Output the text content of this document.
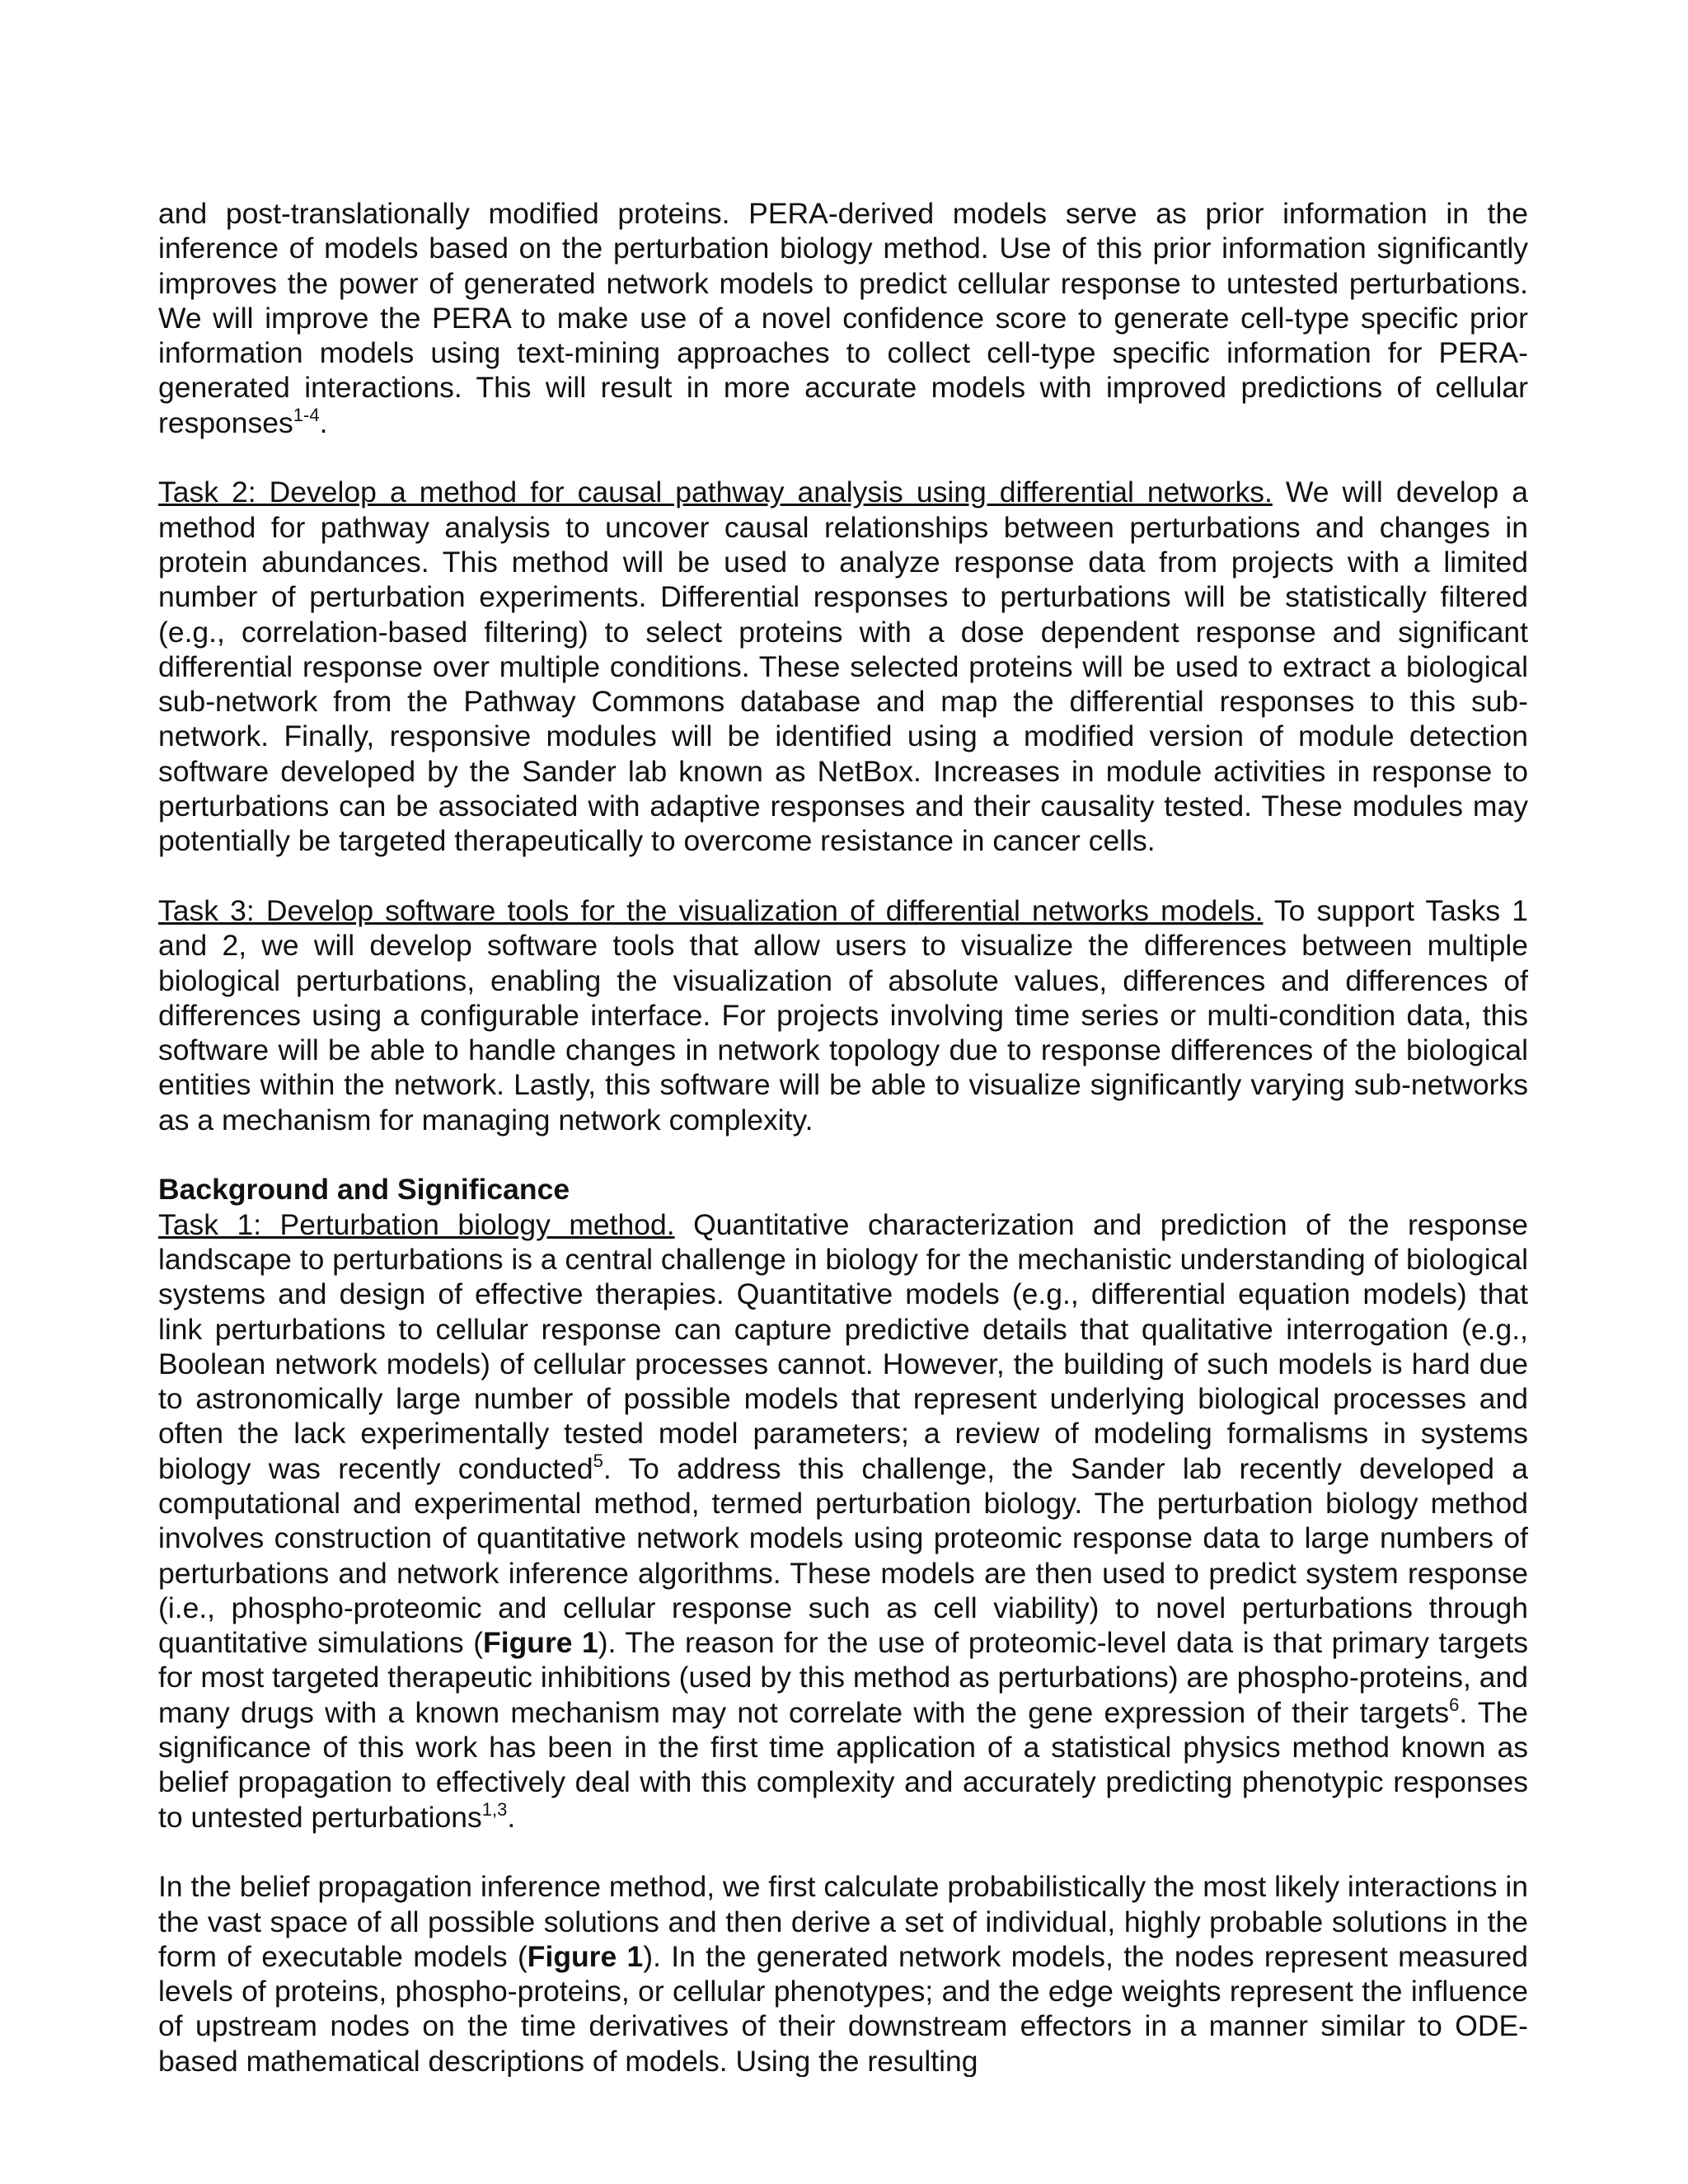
and post-translationally modified proteins. PERA-derived models serve as prior information in the inference of models based on the perturbation biology method. Use of this prior information significantly improves the power of generated network models to predict cellular response to untested perturbations. We will improve the PERA to make use of a novel confidence score to generate cell-type specific prior information models using text-mining approaches to collect cell-type specific information for PERA-generated interactions. This will result in more accurate models with improved predictions of cellular responses$^{1-4}$.

Task 2: Develop a method for causal pathway analysis using differential networks. We will develop a method for pathway analysis to uncover causal relationships between perturbations and changes in protein abundances. This method will be used to analyze response data from projects with a limited number of perturbation experiments. Differential responses to perturbations will be statistically filtered (e.g., correlation-based filtering) to select proteins with a dose dependent response and significant differential response over multiple conditions. These selected proteins will be used to extract a biological sub-network from the Pathway Commons database and map the differential responses to this sub-network. Finally, responsive modules will be identified using a modified version of module detection software developed by the Sander lab known as NetBox. Increases in module activities in response to perturbations can be associated with adaptive responses and their causality tested. These modules may potentially be targeted therapeutically to overcome resistance in cancer cells.

Task 3: Develop software tools for the visualization of differential networks models. To support Tasks 1 and 2, we will develop software tools that allow users to visualize the differences between multiple biological perturbations, enabling the visualization of absolute values, differences and differences of differences using a configurable interface. For projects involving time series or multi-condition data, this software will be able to handle changes in network topology due to response differences of the biological entities within the network. Lastly, this software will be able to visualize significantly varying sub-networks as a mechanism for managing network complexity.

Background and Significance

Task 1: Perturbation biology method. Quantitative characterization and prediction of the response landscape to perturbations is a central challenge in biology for the mechanistic understanding of biological systems and design of effective therapies. Quantitative models (e.g., differential equation models) that link perturbations to cellular response can capture predictive details that qualitative interrogation (e.g., Boolean network models) of cellular processes cannot. However, the building of such models is hard due to astronomically large number of possible models that represent underlying biological processes and often the lack experimentally tested model parameters; a review of modeling formalisms in systems biology was recently conducted$^5$. To address this challenge, the Sander lab recently developed a computational and experimental method, termed perturbation biology. The perturbation biology method involves construction of quantitative network models using proteomic response data to large numbers of perturbations and network inference algorithms. These models are then used to predict system response (i.e., phospho-proteomic and cellular response such as cell viability) to novel perturbations through quantitative simulations (Figure 1). The reason for the use of proteomic-level data is that primary targets for most targeted therapeutic inhibitions (used by this method as perturbations) are phospho-proteins, and many drugs with a known mechanism may not correlate with the gene expression of their targets$^6$. The significance of this work has been in the first time application of a statistical physics method known as belief propagation to effectively deal with this complexity and accurately predicting phenotypic responses to untested perturbations$^{1,3}$.

In the belief propagation inference method, we first calculate probabilistically the most likely interactions in the vast space of all possible solutions and then derive a set of individual, highly probable solutions in the form of executable models (Figure 1). In the generated network models, the nodes represent measured levels of proteins, phospho-proteins, or cellular phenotypes; and the edge weights represent the influence of upstream nodes on the time derivatives of their downstream effectors in a manner similar to ODE-based mathematical descriptions of models. Using the resulting
